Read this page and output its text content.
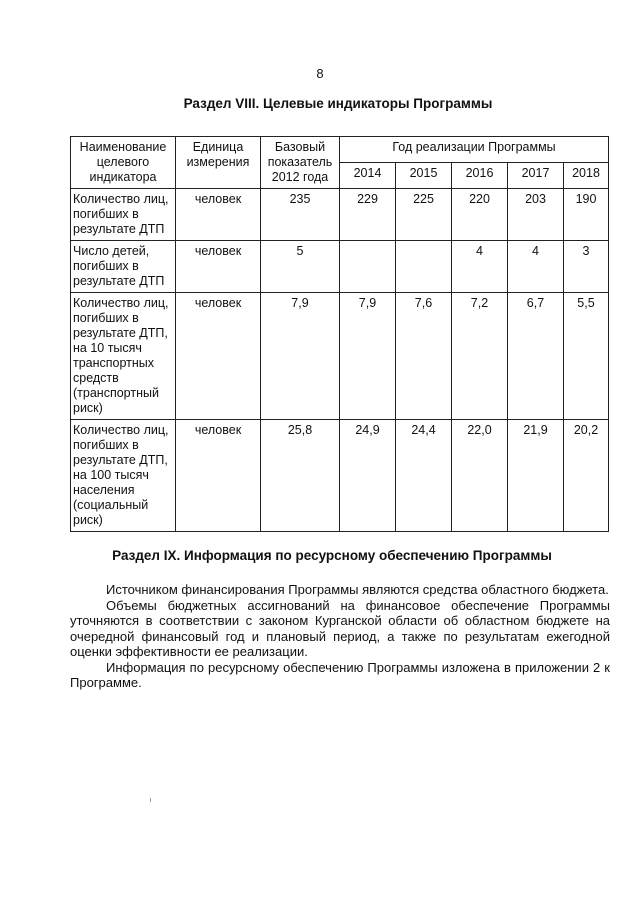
8
Раздел VIII. Целевые индикаторы Программы
Наименование целевого индикатора	Единица измерения	Базовый показатель 2012 года	Год реализации Программы				
			2014	2015	2016	2017	2018
Количество лиц, погибших в результате ДТП	человек	235	229	225	220	203	190
Число детей, погибших в результате ДТП	человек	5			4	4	3
Количество лиц, погибших в результате ДТП, на 10 тысяч транспортных средств (транспортный риск)	человек	7,9	7,9	7,6	7,2	6,7	5,5
Количество лиц, погибших в результате ДТП, на 100 тысяч населения (социальный риск)	человек	25,8	24,9	24,4	22,0	21,9	20,2
Раздел IX. Информация по ресурсному обеспечению Программы

Источником финансирования Программы являются средства областного бюджета.

Объемы бюджетных ассигнований на финансовое обеспечение Программы уточняются в соответствии с законом Курганской области об областном бюджете на очередной финансовый год и плановый период, а также по результатам ежегодной оценки эффективности ее реализации.

Информация по ресурсному обеспечению Программы изложена в приложении 2 к Программе.
